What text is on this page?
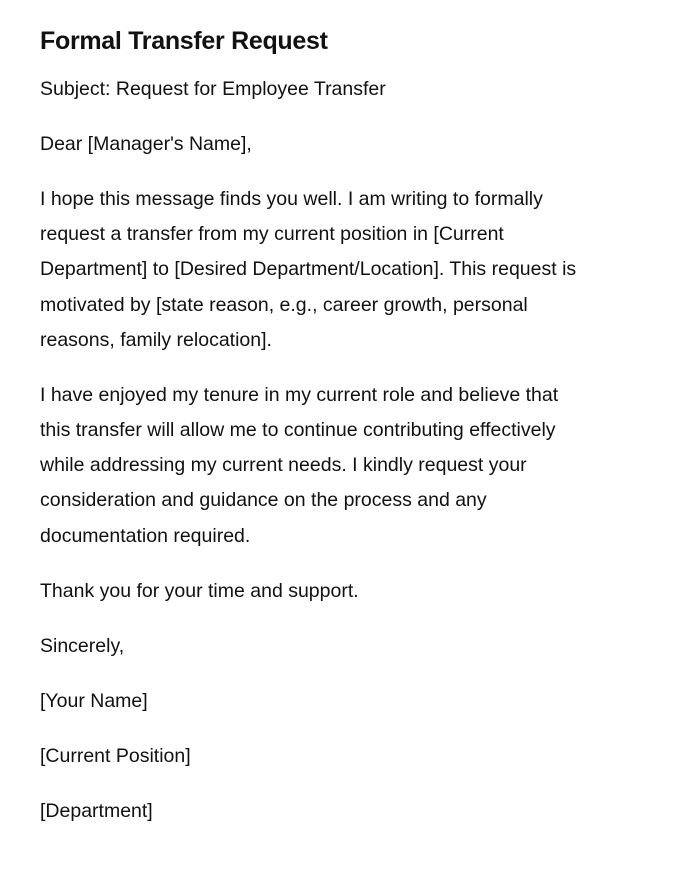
Formal Transfer Request

Subject: Request for Employee Transfer

Dear [Manager's Name],

I hope this message finds you well. I am writing to formally
request a transfer from my current position in [Current
Department] to [Desired Department/Location]. This request is
motivated by [state reason, e.g., career growth, personal
reasons, family relocation].

I have enjoyed my tenure in my current role and believe that
this transfer will allow me to continue contributing effectively
while addressing my current needs. I kindly request your
consideration and guidance on the process and any
documentation required.

Thank you for your time and support.

Sincerely,

[Your Name]

[Current Position]

[Department]
